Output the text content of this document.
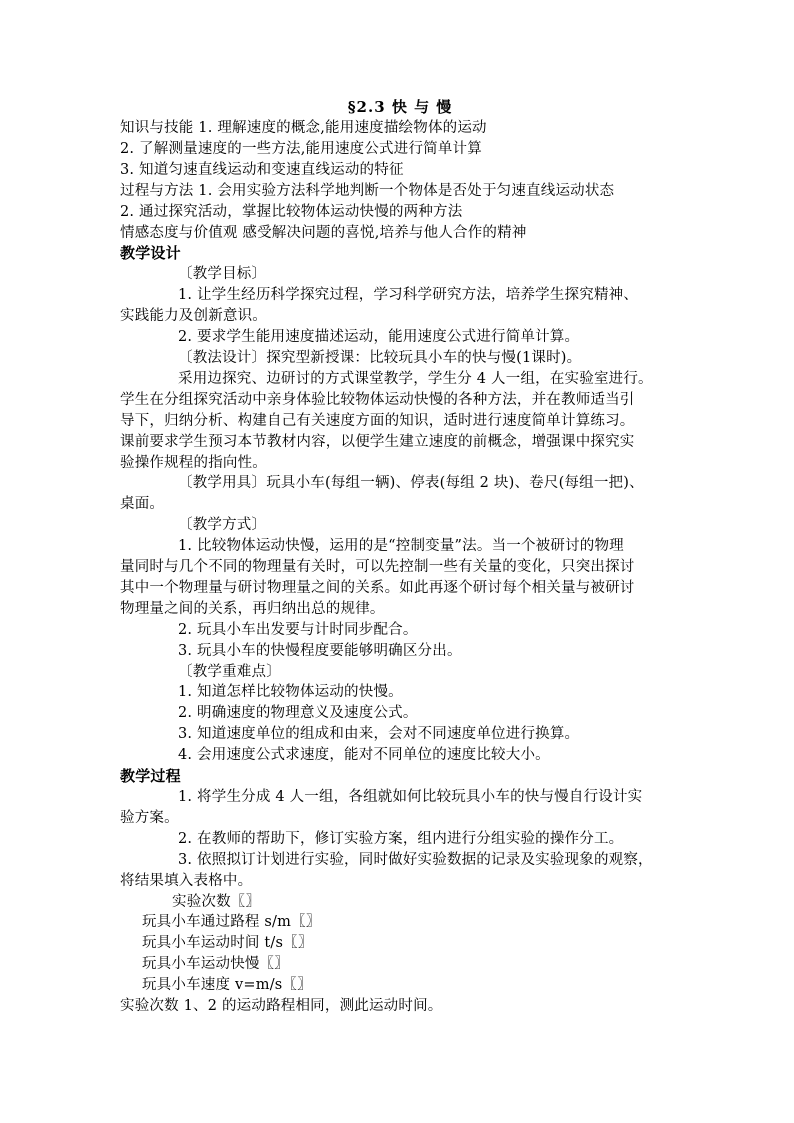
§2.3 快 与 慢
知识与技能 1. 理解速度的概念,能用速度描绘物体的运动
2. 了解测量速度的一些方法,能用速度公式进行简单计算
3. 知道匀速直线运动和变速直线运动的特征
过程与方法 1. 会用实验方法科学地判断一个物体是否处于匀速直线运动状态
2. 通过探究活动，掌握比较物体运动快慢的两种方法
情感态度与价值观 感受解决问题的喜悦,培养与他人合作的精神
教学设计
〔教学目标〕
1. 让学生经历科学探究过程，学习科学研究方法，培养学生探究精神、
实践能力及创新意识。
2. 要求学生能用速度描述运动，能用速度公式进行简单计算。
〔教法设计〕探究型新授课：比较玩具小车的快与慢(1课时)。
采用边探究、边研讨的方式课堂教学，学生分 4 人一组，在实验室进行。
学生在分组探究活动中亲身体验比较物体运动快慢的各种方法，并在教师适当引
导下，归纳分析、构建自己有关速度方面的知识，适时进行速度简单计算练习。
课前要求学生预习本节教材内容，以便学生建立速度的前概念，增强课中探究实
验操作规程的指向性。
〔教学用具〕玩具小车(每组一辆)、停表(每组 2 块)、卷尺(每组一把)、
桌面。
〔教学方式〕
1. 比较物体运动快慢，运用的是“控制变量”法。当一个被研讨的物理
量同时与几个不同的物理量有关时，可以先控制一些有关量的变化，只突出探讨
其中一个物理量与研讨物理量之间的关系。如此再逐个研讨每个相关量与被研讨
物理量之间的关系，再归纳出总的规律。
2. 玩具小车出发要与计时同步配合。
3. 玩具小车的快慢程度要能够明确区分出。
〔教学重难点〕
1. 知道怎样比较物体运动的快慢。
2. 明确速度的物理意义及速度公式。
3. 知道速度单位的组成和由来，会对不同速度单位进行换算。
4. 会用速度公式求速度，能对不同单位的速度比较大小。
教学过程
1. 将学生分成 4 人一组，各组就如何比较玩具小车的快与慢自行设计实
验方案。
2. 在教师的帮助下，修订实验方案，组内进行分组实验的操作分工。
3. 依照拟订计划进行实验，同时做好实验数据的记录及实验现象的观察，
将结果填入表格中。
实验次数〖〗
玩具小车通过路程 s/m〖〗
玩具小车运动时间 t/s〖〗
玩具小车运动快慢〖〗
玩具小车速度 v=m/s〖〗
实验次数 1、2 的运动路程相同，测此运动时间。
